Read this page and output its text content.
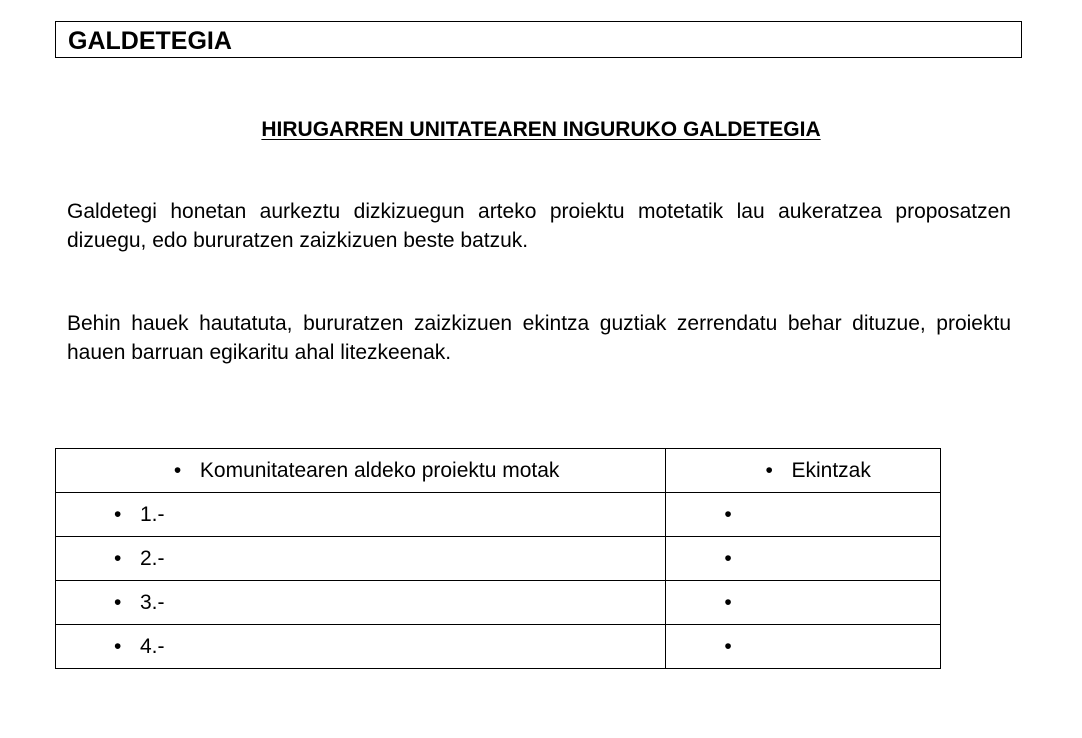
GALDETEGIA
HIRUGARREN UNITATEAREN INGURUKO GALDETEGIA
Galdetegi honetan aurkeztu dizkizuegun arteko proiektu motetatik lau aukeratzea proposatzen dizuegu, edo bururatzen zaizkizuen beste batzuk.
Behin hauek hautatuta, bururatzen zaizkizuen ekintza guztiak zerrendatu behar dituzue, proiektu hauen barruan egikaritu ahal litezkeenak.
• Komunitatearen aldeko proiektu motak	• Ekintzak
• 1.-	•
• 2.-	•
• 3.-	•
• 4.-	•
